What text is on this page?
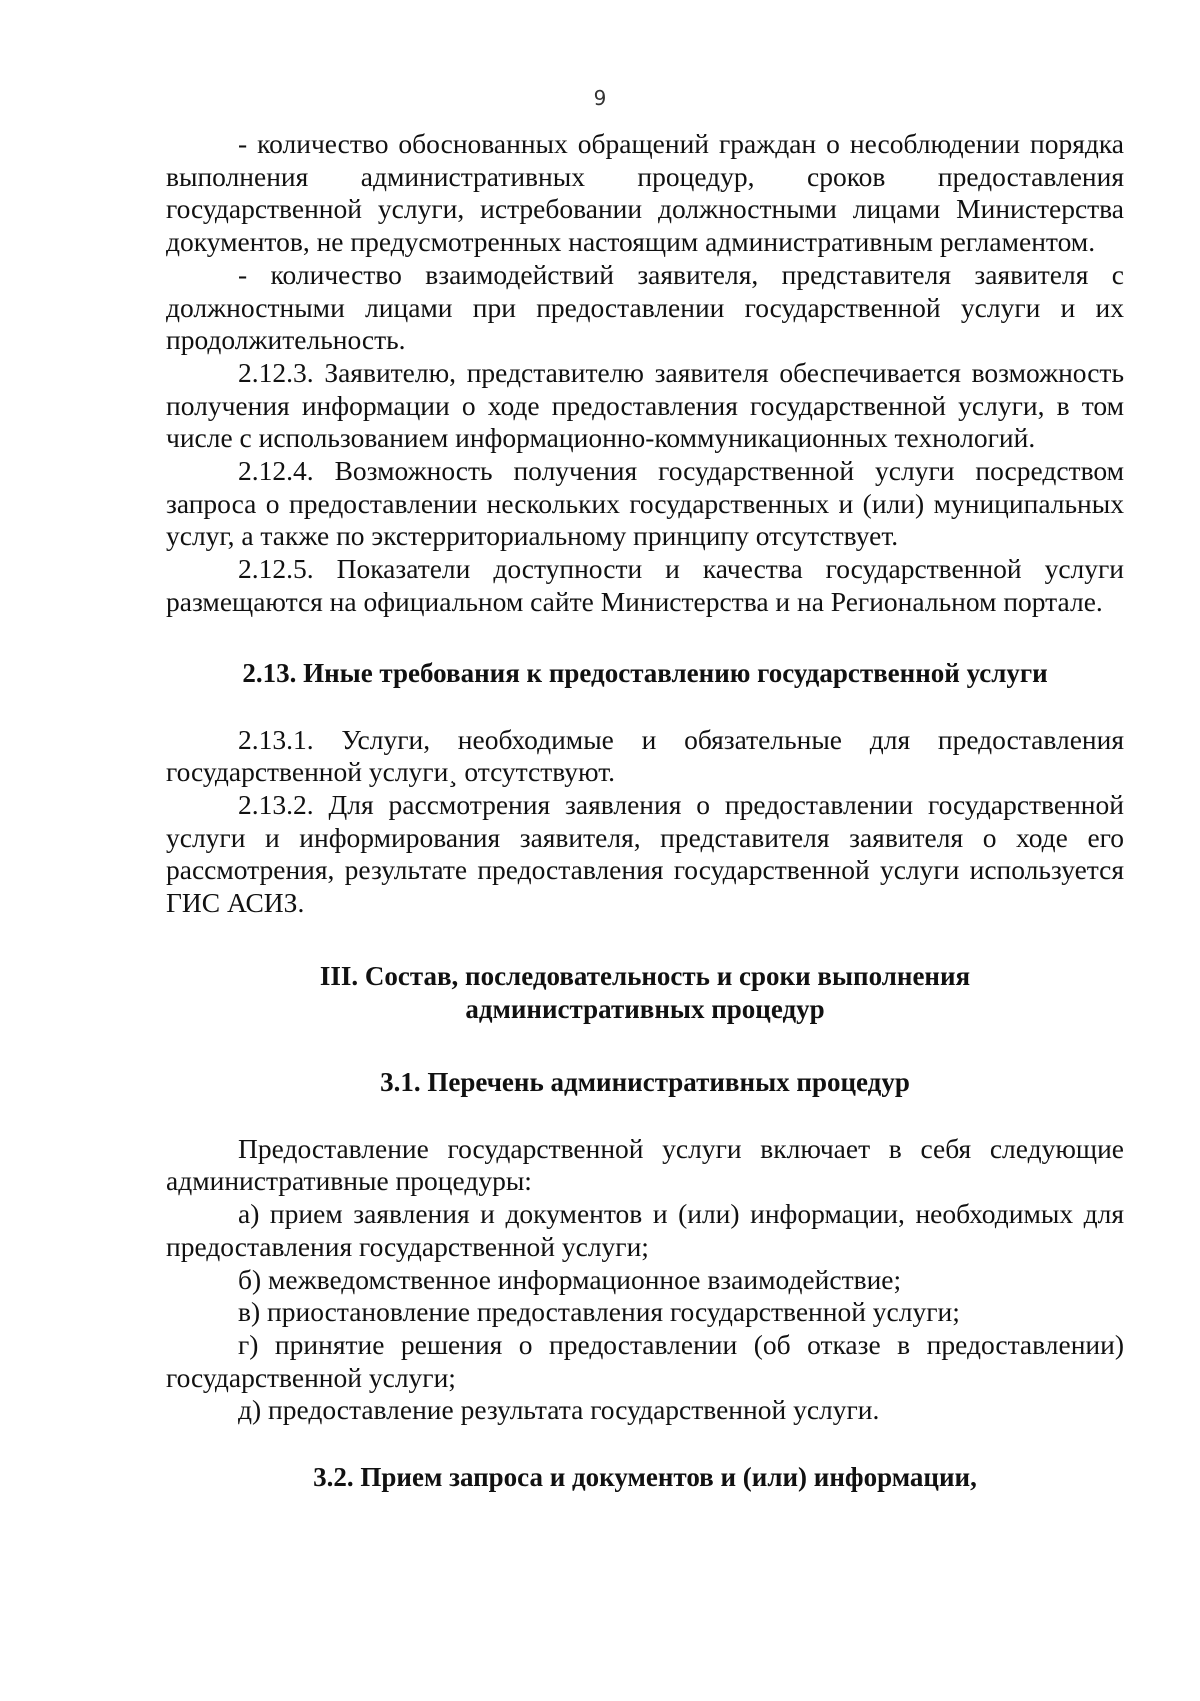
9

- количество обоснованных обращений граждан о несоблюдении порядка выполнения административных процедур, сроков предоставления государственной услуги, истребовании должностными лицами Министерства документов, не предусмотренных настоящим административным регламентом.

- количество взаимодействий заявителя, представителя заявителя с должностными лицами при предоставлении государственной услуги и их продолжительность.

2.12.3. Заявителю, представителю заявителя обеспечивается возможность получения информации о ходе предоставления государственной услуги, в том числе с использованием информационно-коммуникационных технологий.

2.12.4. Возможность получения государственной услуги посредством запроса о предоставлении нескольких государственных и (или) муниципальных услуг, а также по экстерриториальному принципу отсутствует.

2.12.5. Показатели доступности и качества государственной услуги размещаются на официальном сайте Министерства и на Региональном портале.

2.13. Иные требования к предоставлению государственной услуги

2.13.1. Услуги, необходимые и обязательные для предоставления государственной услуги¸ отсутствуют.

2.13.2. Для рассмотрения заявления о предоставлении государственной услуги и информирования заявителя, представителя заявителя о ходе его рассмотрения, результате предоставления государственной услуги используется ГИС АСИЗ.

III. Состав, последовательность и сроки выполнения
административных процедур
3.1. Перечень административных процедур

Предоставление государственной услуги включает в себя следующие административные процедуры:

а) прием заявления и документов и (или) информации, необходимых для предоставления государственной услуги;

б) межведомственное информационное взаимодействие;

в) приостановление предоставления государственной услуги;

г) принятие решения о предоставлении (об отказе в предоставлении) государственной услуги;

д) предоставление результата государственной услуги.

3.2. Прием запроса и документов и (или) информации,
